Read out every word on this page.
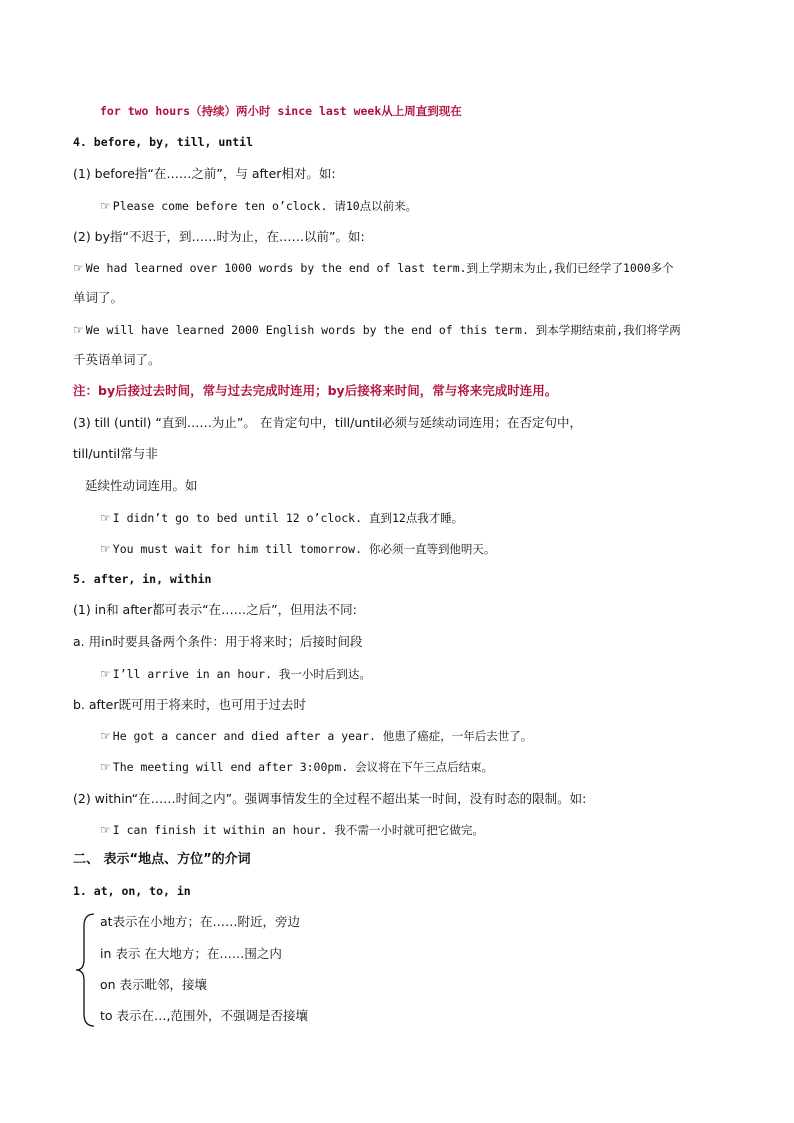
for two hours（持续）两小时 since last week从上周直到现在
4. before, by, till, until
(1) before指“在……之前”，与 after相对。如:
☞ Please come before ten o’clock. 请10点以前来。
(2) by指“不迟于，到……时为止，在……以前”。如:
☞ We had learned over 1000 words by the end of last term.到上学期末为止,我们已经学了1000多个
单词了。
☞ We will have learned 2000 English words by the end of this term. 到本学期结束前,我们将学两
千英语单词了。
注：by后接过去时间，常与过去完成时连用；by后接将来时间，常与将来完成时连用。
(3) till (until) “直到……为止”。 在肯定句中，till/until必须与延续动词连用；在否定句中，
till/until常与非
延续性动词连用。如
☞ I didn’t go to bed until 12 o’clock. 直到12点我才睡。
☞ You must wait for him till tomorrow. 你必须一直等到他明天。
5. after, in, within
(1) in和 after都可表示“在……之后”，但用法不同:
a. 用in时要具备两个条件：用于将来时；后接时间段
☞ I’ll arrive in an hour. 我一小时后到达。
b. after既可用于将来时，也可用于过去时
☞ He got a cancer and died after a year. 他患了癌症，一年后去世了。
☞ The meeting will end after 3:00pm. 会议将在下午三点后结束。
(2) within“在……时间之内”。强调事情发生的全过程不超出某一时间，没有时态的限制。如:
☞ I can finish it within an hour. 我不需一小时就可把它做完。
二、 表示“地点、方位”的介词
1. at, on, to, in
at表示在小地方；在……附近，旁边
in 表示 在大地方；在……围之内
on 表示毗邻，接壤
to 表示在…,范围外，不强调是否接壤
